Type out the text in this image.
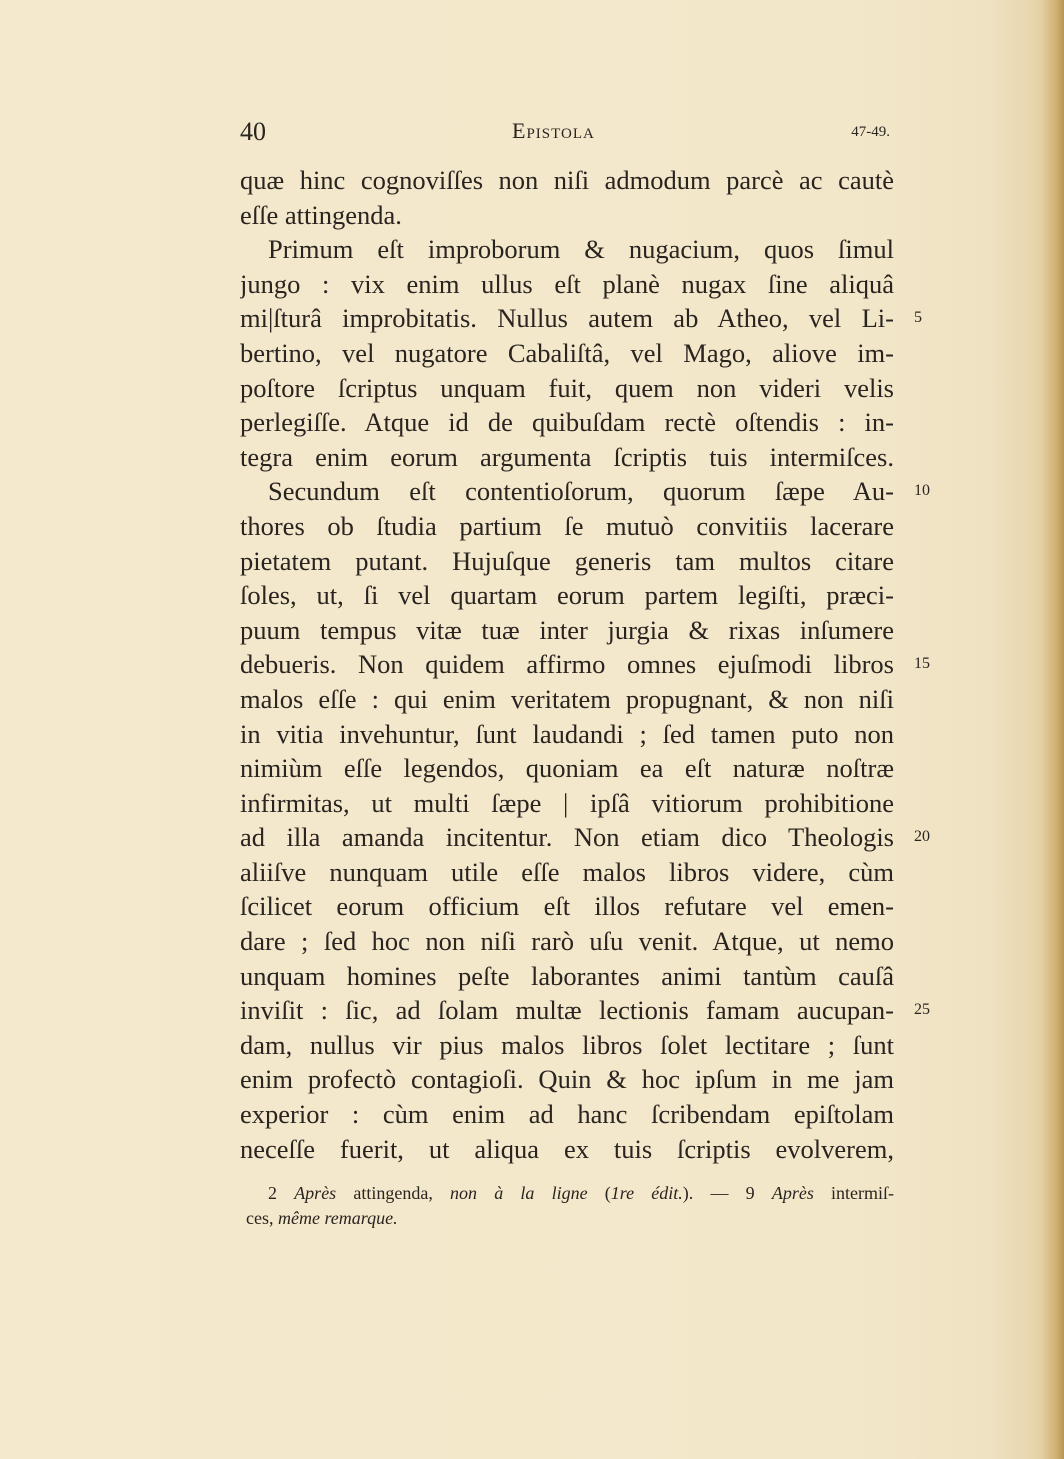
40	Epistola	47-49.
quæ hinc cognoviſſes non niſi admodum parcè ac cautè
eſſe attingenda.
Primum eſt improborum & nugacium, quos ſimul
jungo : vix enim ullus eſt planè nugax ſine aliquâ
mi|ſturâ improbitatis. Nullus autem ab Atheo, vel Li-
bertino, vel nugatore Cabaliſtâ, vel Mago, aliove im-
poſtore ſcriptus unquam fuit, quem non videri velis
perlegiſſe. Atque id de quibuſdam rectè oſtendis : in-
tegra enim eorum argumenta ſcriptis tuis intermiſces.
Secundum eſt contentioſorum, quorum ſæpe Au-
thores ob ſtudia partium ſe mutuò convitiis lacerare
pietatem putant. Hujuſque generis tam multos citare
ſoles, ut, ſi vel quartam eorum partem legiſti, præci-
puum tempus vitæ tuæ inter jurgia & rixas inſumere
debueris. Non quidem affirmo omnes ejuſmodi libros
malos eſſe : qui enim veritatem propugnant, & non niſi
in vitia invehuntur, ſunt laudandi ; ſed tamen puto non
nimiùm eſſe legendos, quoniam ea eſt naturæ noſtræ
infirmitas, ut multi ſæpe | ipſâ vitiorum prohibitione
ad illa amanda incitentur. Non etiam dico Theologis
aliiſve nunquam utile eſſe malos libros videre, cùm
ſcilicet eorum officium eſt illos refutare vel emen-
dare ; ſed hoc non niſi rarò uſu venit. Atque, ut nemo
unquam homines peſte laborantes animi tantùm cauſâ
inviſit : ſic, ad ſolam multæ lectionis famam aucupan-
dam, nullus vir pius malos libros ſolet lectitare ; ſunt
enim profectò contagioſi. Quin & hoc ipſum in me jam
experior : cùm enim ad hanc ſcribendam epiſtolam
neceſſe fuerit, ut aliqua ex tuis ſcriptis evolverem,
5
10
15
20
25
2 Après attingenda, non à la ligne (1re édit.). — 9 Après intermiſ-
ces, même remarque.
